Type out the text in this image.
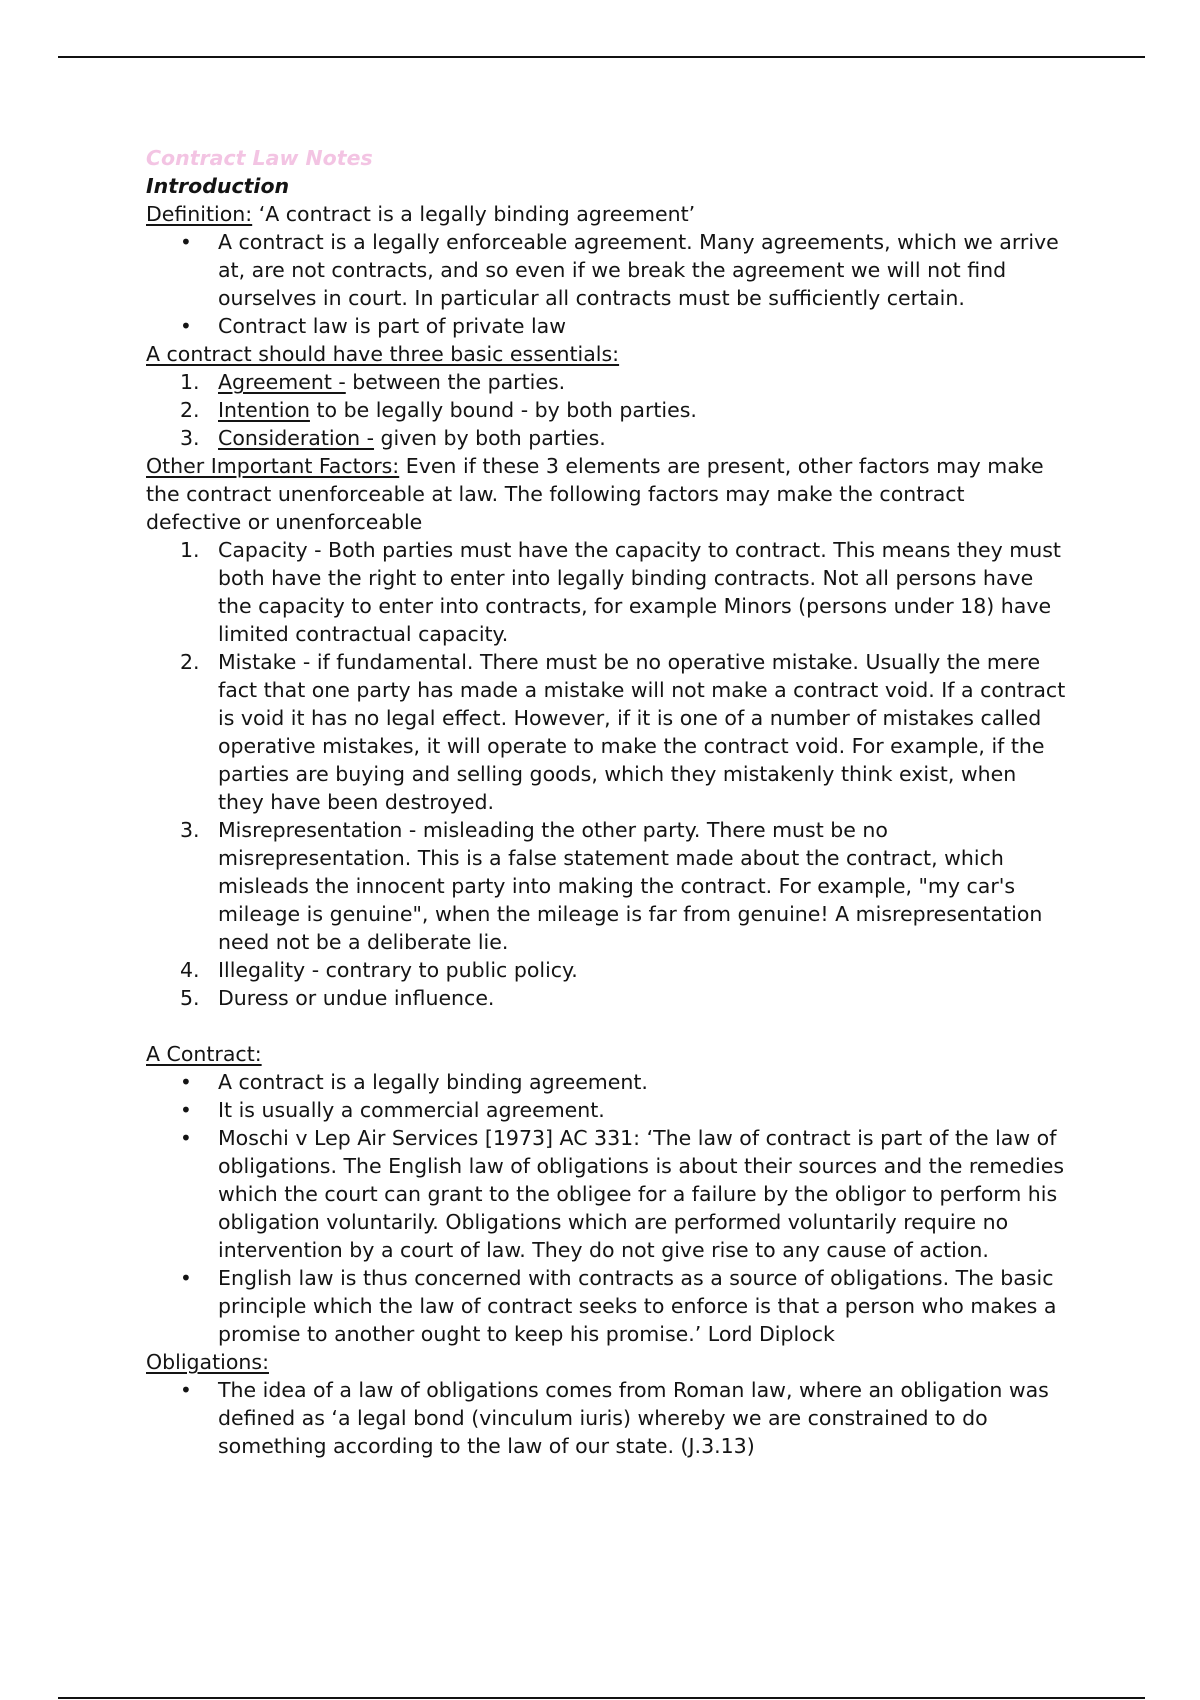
Contract Law Notes

Introduction

Definition: ‘A contract is a legally binding agreement’

• A contract is a legally enforceable agreement. Many agreements, which we arrive at, are not contracts, and so even if we break the agreement we will not find ourselves in court. In particular all contracts must be sufficiently certain.
• Contract law is part of private law

A contract should have three basic essentials:

1. Agreement - between the parties.
2. Intention to be legally bound - by both parties.
3. Consideration - given by both parties.

Other Important Factors: Even if these 3 elements are present, other factors may make the contract unenforceable at law. The following factors may make the contract defective or unenforceable

1. Capacity - Both parties must have the capacity to contract. This means they must both have the right to enter into legally binding contracts. Not all persons have the capacity to enter into contracts, for example Minors (persons under 18) have limited contractual capacity.
2. Mistake - if fundamental. There must be no operative mistake. Usually the mere fact that one party has made a mistake will not make a contract void. If a contract is void it has no legal effect. However, if it is one of a number of mistakes called operative mistakes, it will operate to make the contract void. For example, if the parties are buying and selling goods, which they mistakenly think exist, when they have been destroyed.
3. Misrepresentation - misleading the other party. There must be no misrepresentation. This is a false statement made about the contract, which misleads the innocent party into making the contract. For example, "my car's mileage is genuine", when the mileage is far from genuine! A misrepresentation need not be a deliberate lie.
4. Illegality - contrary to public policy.
5. Duress or undue influence.

A Contract:

• A contract is a legally binding agreement.
• It is usually a commercial agreement.
• Moschi v Lep Air Services [1973] AC 331: ‘The law of contract is part of the law of obligations. The English law of obligations is about their sources and the remedies which the court can grant to the obligee for a failure by the obligor to perform his obligation voluntarily. Obligations which are performed voluntarily require no intervention by a court of law. They do not give rise to any cause of action.
• English law is thus concerned with contracts as a source of obligations. The basic principle which the law of contract seeks to enforce is that a person who makes a promise to another ought to keep his promise.’ Lord Diplock

Obligations:

• The idea of a law of obligations comes from Roman law, where an obligation was defined as ‘a legal bond (vinculum iuris) whereby we are constrained to do something according to the law of our state. (J.3.13)
